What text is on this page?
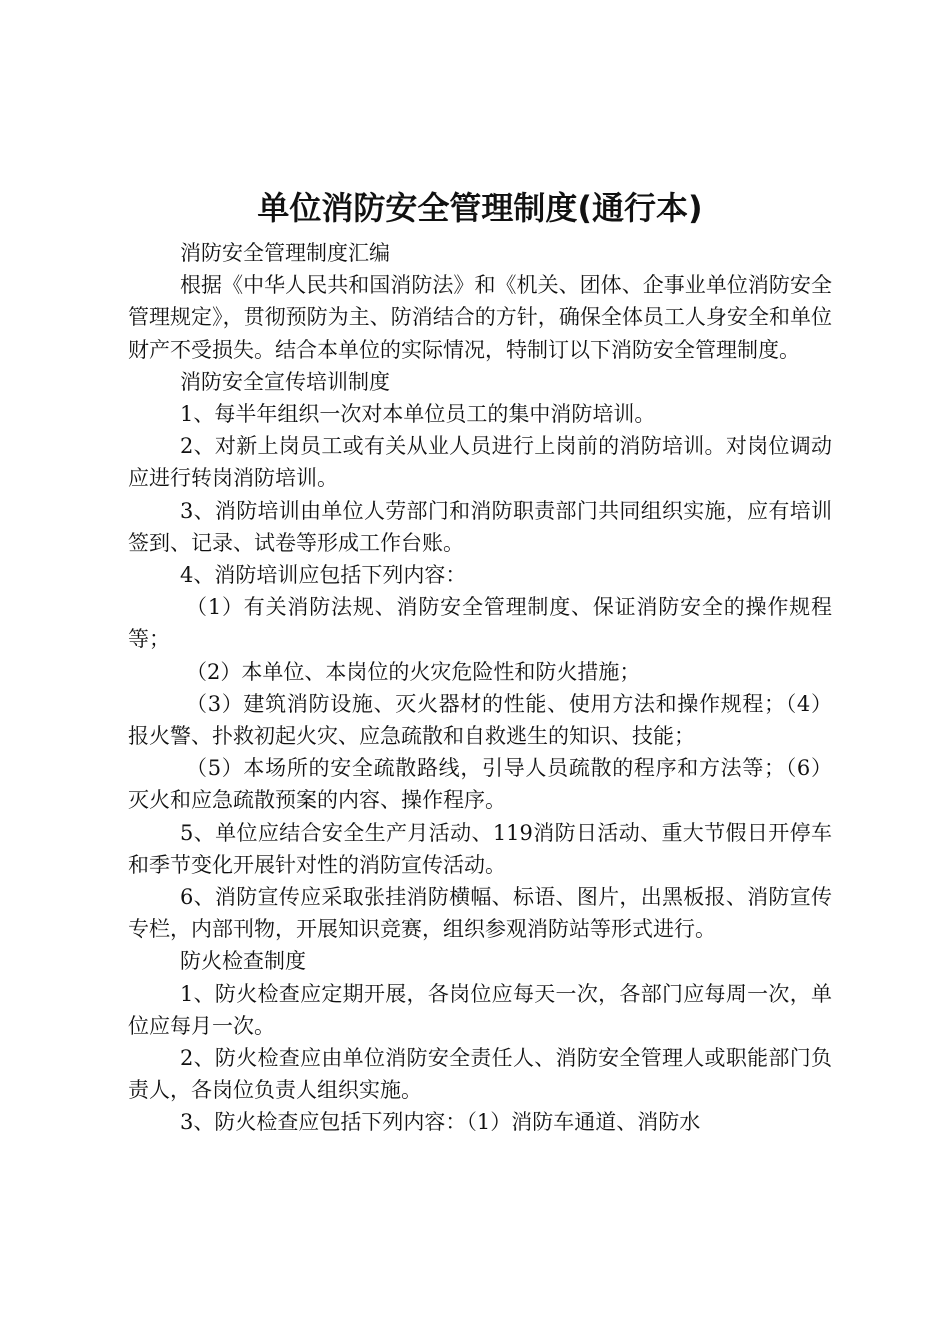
单位消防安全管理制度(通行本)

消防安全管理制度汇编

根据《中华人民共和国消防法》和《机关、团体、企事业单位消防安全管理规定》，贯彻预防为主、防消结合的方针，确保全体员工人身安全和单位财产不受损失。结合本单位的实际情况，特制订以下消防安全管理制度。

消防安全宣传培训制度

1、每半年组织一次对本单位员工的集中消防培训。

2、对新上岗员工或有关从业人员进行上岗前的消防培训。对岗位调动应进行转岗消防培训。

3、消防培训由单位人劳部门和消防职责部门共同组织实施，应有培训签到、记录、试卷等形成工作台账。

4、消防培训应包括下列内容：

（1）有关消防法规、消防安全管理制度、保证消防安全的操作规程等；

（2）本单位、本岗位的火灾危险性和防火措施；

（3）建筑消防设施、灭火器材的性能、使用方法和操作规程；（4）报火警、扑救初起火灾、应急疏散和自救逃生的知识、技能；

（5）本场所的安全疏散路线，引导人员疏散的程序和方法等；（6）灭火和应急疏散预案的内容、操作程序。

5、单位应结合安全生产月活动、119消防日活动、重大节假日开停车和季节变化开展针对性的消防宣传活动。

6、消防宣传应采取张挂消防横幅、标语、图片，出黑板报、消防宣传专栏，内部刊物，开展知识竞赛，组织参观消防站等形式进行。

防火检查制度

1、防火检查应定期开展，各岗位应每天一次，各部门应每周一次，单位应每月一次。

2、防火检查应由单位消防安全责任人、消防安全管理人或职能部门负责人，各岗位负责人组织实施。

3、防火检查应包括下列内容：（1）消防车通道、消防水
